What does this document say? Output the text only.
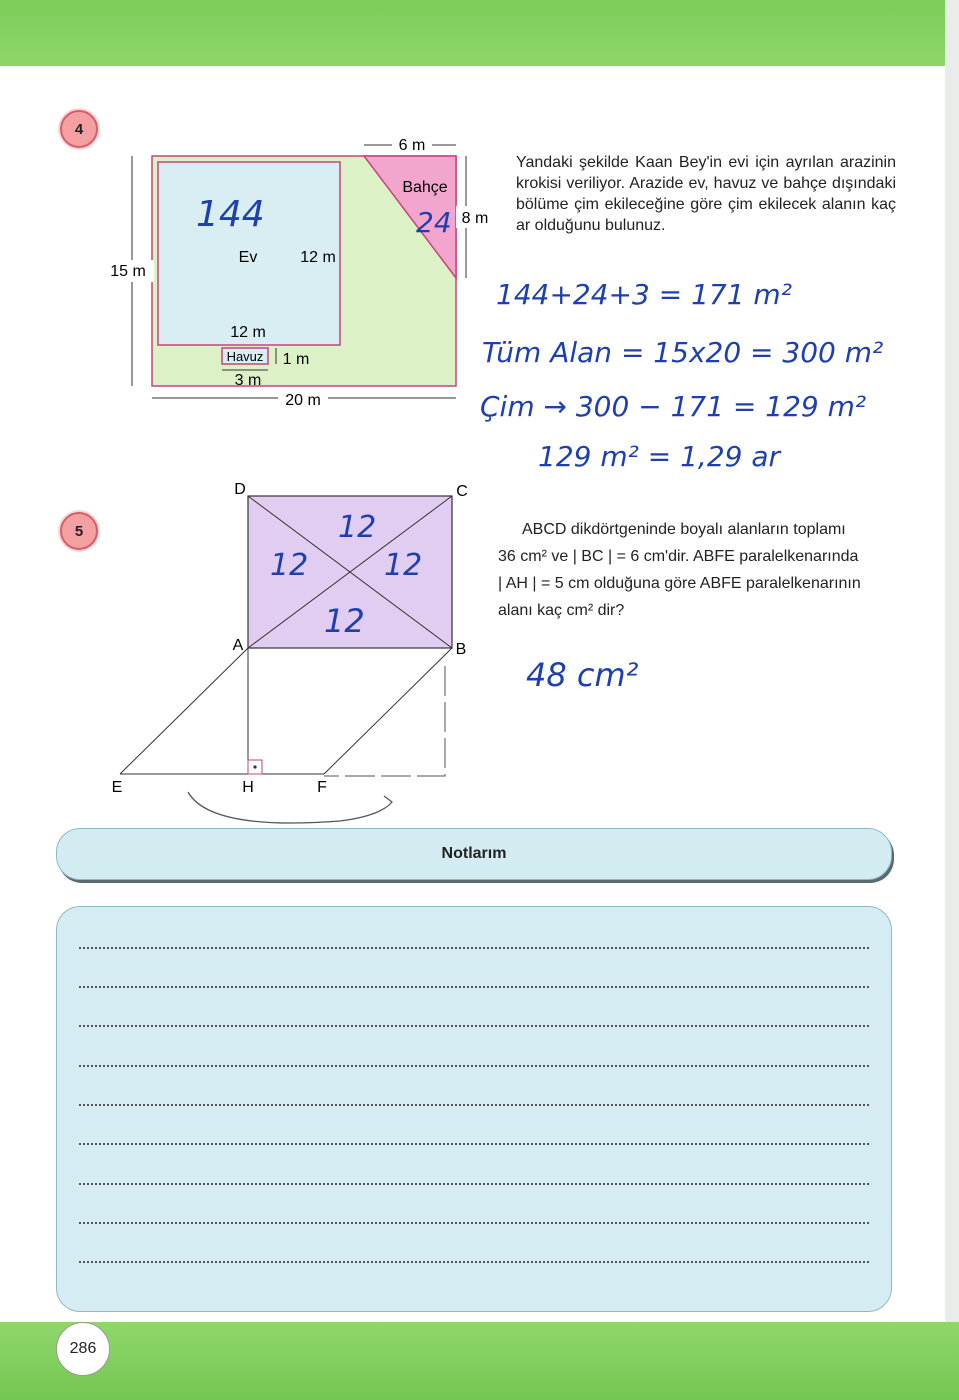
4
6 m
8 m
15 m
20 m
Ev	12 m
12 m
Bahçe
Havuz 1 m
3 m
144	24
Yandaki şekilde Kaan Bey'in evi için ayrılan arazinin krokisi veriliyor. Arazide ev, havuz ve bahçe dışındaki bölüme çim ekileceğine göre çim ekilecek alanın kaç ar olduğunu bulunuz.
144+24+3 = 171 m²
Tüm Alan = 15x20 = 300 m²
Çim → 300 − 171 = 129 m²
129 m² = 1,29 ar
5
D	C
A	B
E	H	F
12
12	12
12
ABCD dikdörtgeninde boyalı alanların toplamı
36 cm² ve | BC | = 6 cm'dir. ABFE paralelkenarında
| AH | = 5 cm olduğuna göre ABFE paralelkenarının
alanı kaç cm² dir?
48 cm²
Notlarım
286
